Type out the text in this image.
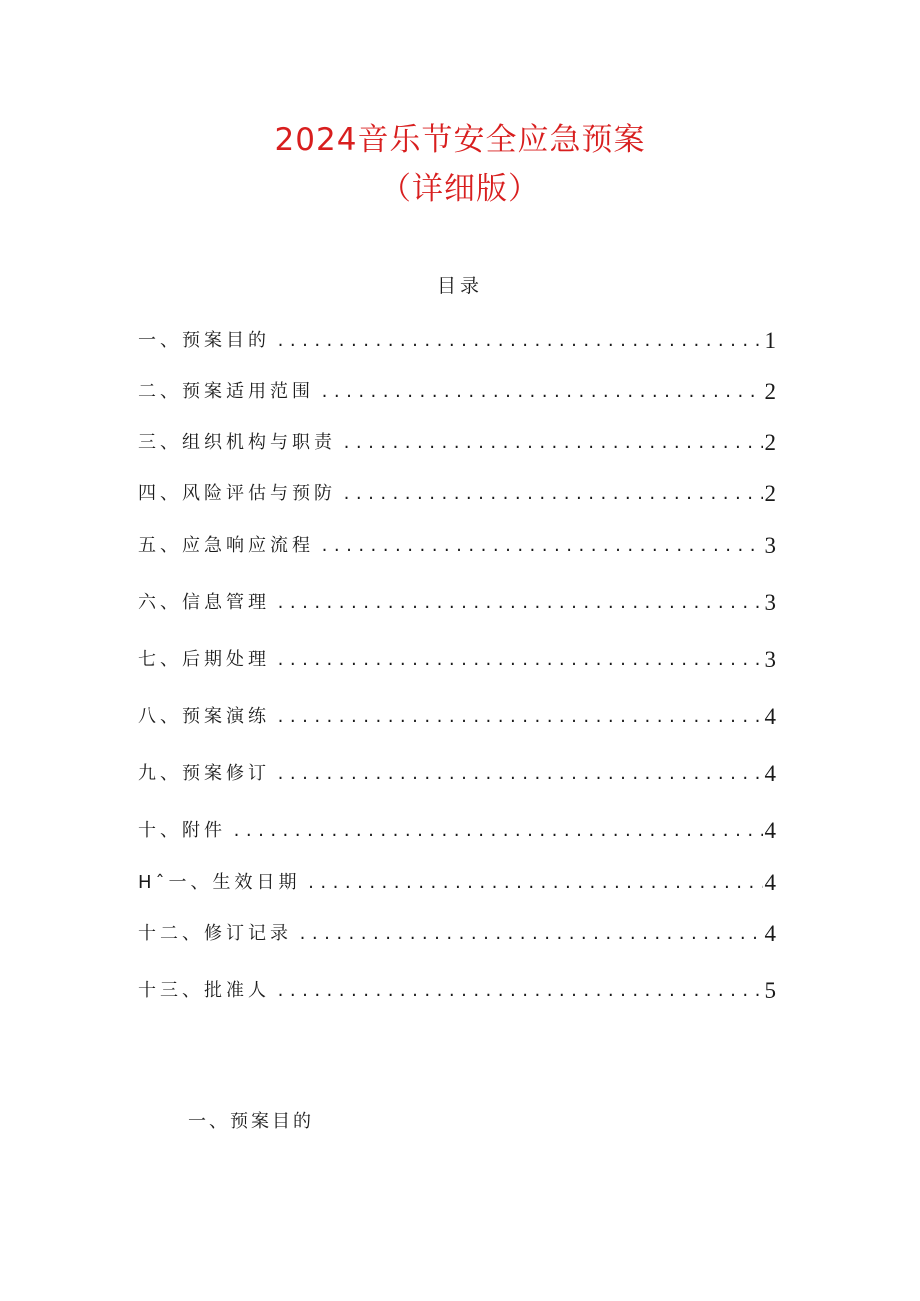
2024音乐节安全应急预案
（详细版）
目录
一、预案目的 .....	1
二、预案适用范围 .....	2
三、组织机构与职责 .....	2
四、风险评估与预防 .....	2
五、应急响应流程 .....	3
六、信息管理 .....	3
七、后期处理 .....	3
八、预案演练 .....	4
九、预案修订 .....	4
十、附件 .....	4
Hˆ一、生效日期 .....	4
十二、修订记录 .....	4
十三、批准人 .....	5
一、预案目的
